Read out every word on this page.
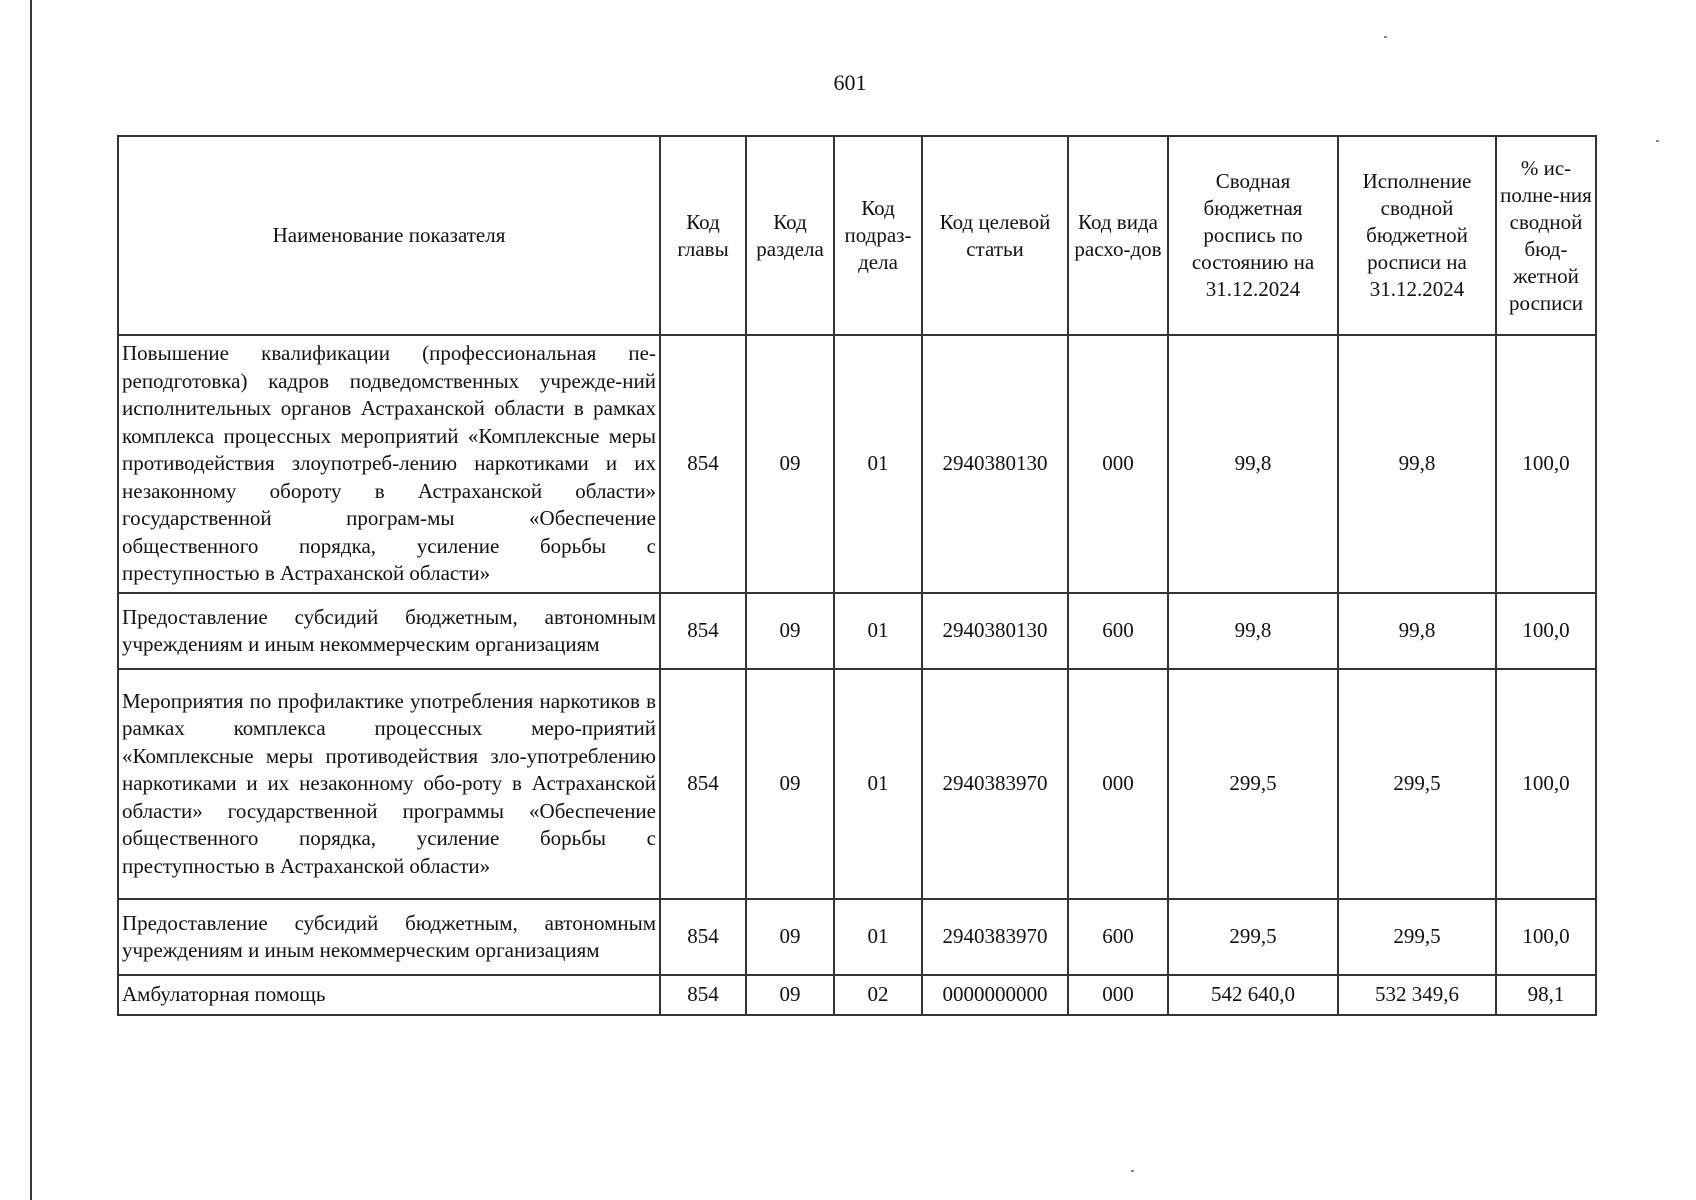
601
Наименование показателя	Код главы	Код раздела	Код подраз-дела	Код целевой статьи	Код вида расхо-дов	Сводная бюджетная роспись по состоянию на 31.12.2024	Исполнение сводной бюджетной росписи на 31.12.2024	% ис-полне-ния сводной бюд-жетной росписи
Повышение квалификации (профессиональная пе-реподготовка) кадров подведомственных учрежде-ний исполнительных органов Астраханской области в рамках комплекса процессных мероприятий «Комплексные меры противодействия злоупотреб-лению наркотиками и их незаконному обороту в Астраханской области» государственной програм-мы «Обеспечение общественного порядка, усиление борьбы с преступностью в Астраханской области»	854	09	01	2940380130	000	99,8	99,8	100,0
Предоставление субсидий бюджетным, автономным учреждениям и иным некоммерческим организациям	854	09	01	2940380130	600	99,8	99,8	100,0
Мероприятия по профилактике употребления наркотиков в рамках комплекса процессных меро-приятий «Комплексные меры противодействия зло-употреблению наркотиками и их незаконному обо-роту в Астраханской области» государственной программы «Обеспечение общественного порядка, усиление борьбы с преступностью в Астраханской области»	854	09	01	2940383970	000	299,5	299,5	100,0
Предоставление субсидий бюджетным, автономным учреждениям и иным некоммерческим организациям	854	09	01	2940383970	600	299,5	299,5	100,0
Амбулаторная помощь	854	09	02	0000000000	000	542 640,0	532 349,6	98,1
